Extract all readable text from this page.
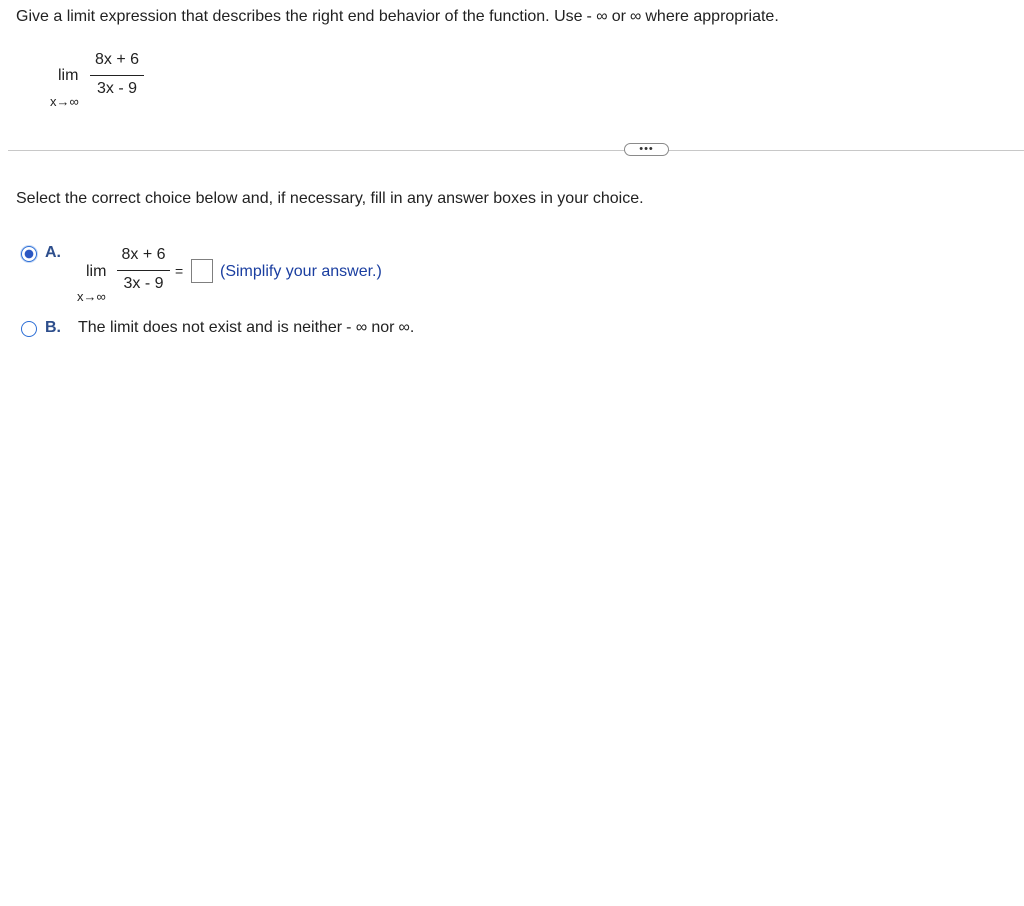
Give a limit expression that describes the right end behavior of the function. Use - ∞ or ∞ where appropriate.
lim
x→∞
8x + 6
3x - 9
•••
Select the correct choice below and, if necessary, fill in any answer boxes in your choice.
A.
lim
x→∞
8x + 6
3x - 9
= (Simplify your answer.)
B. The limit does not exist and is neither - ∞ nor ∞.
